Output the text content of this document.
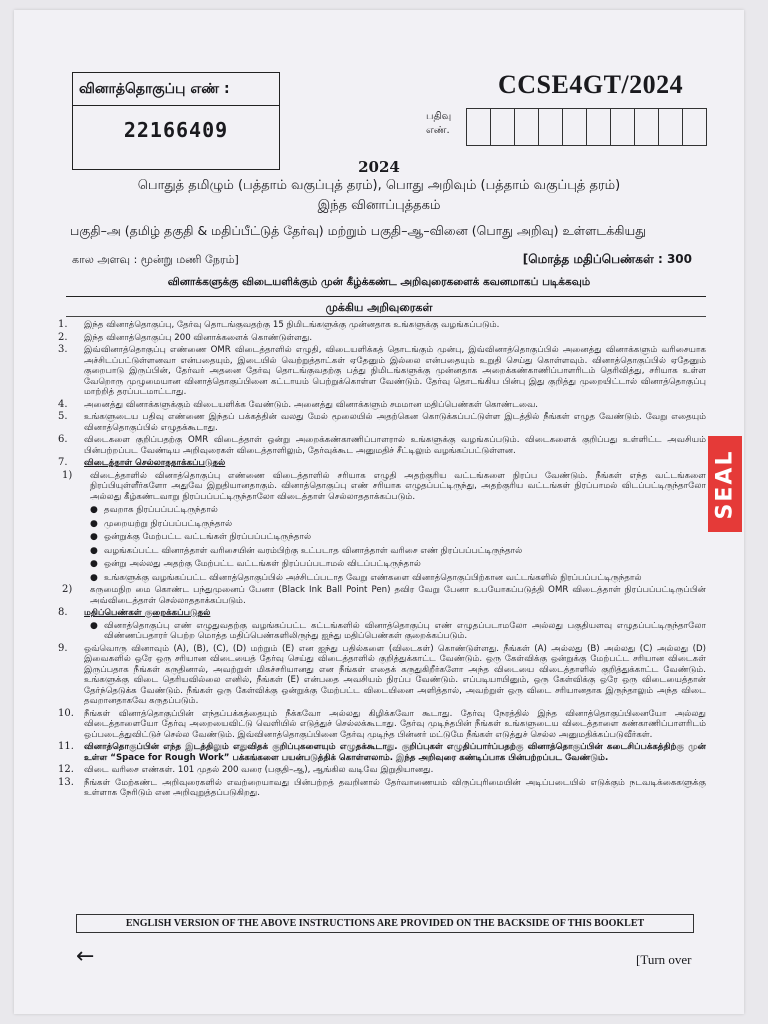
வினாத்தொகுப்பு எண் :
22166409
CCSE4GT/2024
பதிவு
எண்.
2024
பொதுத் தமிழும் (பத்தாம் வகுப்புத் தரம்), பொது அறிவும் (பத்தாம் வகுப்புத் தரம்)
இந்த வினாப்புத்தகம்
பகுதி–அ (தமிழ் தகுதி & மதிப்பீட்டுத் தேர்வு) மற்றும் பகுதி–ஆ–வினை (பொது அறிவு) உள்ளடக்கியது
கால அளவு : மூன்று மணி நேரம்]	[மொத்த மதிப்பெண்கள் : 300
வினாக்களுக்கு விடையளிக்கும் முன் கீழ்க்கண்ட அறிவுரைகளைக் கவனமாகப் படிக்கவும்
முக்கிய அறிவுரைகள்
1.	இந்த வினாத்தொகுப்பு, தேர்வு தொடங்குவதற்கு 15 நிமிடங்களுக்கு முன்னதாக உங்களுக்கு வழங்கப்படும்.
2.	இந்த வினாத்தொகுப்பு 200 வினாக்களைக் கொண்டுள்ளது.
3.	இவ்வினாத்தொகுப்பு எண்ணை OMR விடைத்தாளில் எழுதி, விடையளிக்கத் தொடங்கும் முன்பு, இவ்வினாத்தொகுப்பில் அனைத்து வினாக்களும் வரிசையாக அச்சிடப்பட்டுள்ளனவா என்பதையும், இடையில் வெற்றுத்தாட்கள் ஏதேனும் இல்லை என்பதையும் உறுதி செய்து கொள்ளவும். வினாத்தொகுப்பில் ஏதேனும் குறைபாடு இருப்பின், தேர்வர் அதனை தேர்வு தொடங்குவதற்கு பத்து நிமிடங்களுக்கு முன்னதாக அறைக்கண்காணிப்பாளரிடம் தெரிவித்து, சரியாக உள்ள வேறொரு முழுமையான வினாத்தொகுப்பினை கட்டாயம் பெற்றுக்கொள்ள வேண்டும். தேர்வு தொடங்கிய பின்பு இது குறித்து முறையிட்டால் வினாத்தொகுப்பு மாற்றித் தரப்படமாட்டாது.
4.	அனைத்து வினாக்களுக்கும் விடையளிக்க வேண்டும். அனைத்து வினாக்களும் சமமான மதிப்பெண்கள் கொண்டவை.
5.	உங்களுடைய பதிவு எண்ணை இந்தப் பக்கத்தின் வலது மேல் மூலையில் அதற்கென கொடுக்கப்பட்டுள்ள இடத்தில் நீங்கள் எழுத வேண்டும். வேறு எதையும் வினாத்தொகுப்பில் எழுதக்கூடாது.
6.	விடைகளை குறிப்பதற்கு OMR விடைத்தாள் ஒன்று அறைக்கண்காணிப்பாளரால் உங்களுக்கு வழங்கப்படும். விடைகளைக் குறிப்பது உள்ளிட்ட அவசியம் பின்பற்றப்பட வேண்டிய அறிவுரைகள் விடைத்தாளிலும், தேர்வுக்கூட அனுமதிச் சீட்டிலும் வழங்கப்பட்டுள்ளன.
7.	விடைத்தாள் செல்லாததாக்கப்படுதல்
1)	விடைத்தாளில் வினாத்தொகுப்பு எண்ணை விடைத்தாளில் சரியாக எழுதி அதற்குரிய வட்டங்களை நிரப்ப வேண்டும். நீங்கள் எந்த வட்டங்களை நிரப்பியுள்ளீர்களோ அதுவே இறுதியானதாகும். வினாத்தொகுப்பு எண் சரியாக எழுதப்பட்டிருந்து, அதற்குரிய வட்டங்கள் நிரப்பாமல் விடப்பட்டிருந்தாலோ அல்லது கீழ்கண்டவாறு நிரப்பப்பட்டிருந்தாலோ விடைத்தாள் செல்லாததாக்கப்படும்.
● தவறாக நிரப்பப்பட்டிருந்தால்
● முறையற்று நிரப்பப்பட்டிருந்தால்
● ஒன்றுக்கு மேற்பட்ட வட்டங்கள் நிரப்பப்பட்டிருந்தால்
● வழங்கப்பட்ட வினாத்தாள் வரிசையின் வரம்பிற்கு உட்படாத வினாத்தாள் வரிசை எண் நிரப்பப்பட்டிருந்தால்
● ஒன்று அல்லது அதற்கு மேற்பட்ட வட்டங்கள் நிரப்பப்படாமல் விடப்பட்டிருந்தால்
● உங்களுக்கு வழங்கப்பட்ட வினாத்தொகுப்பில் அச்சிடப்படாத வேறு எண்களை வினாத்தொகுப்பிற்கான வட்டங்களில் நிரப்பப்பட்டிருந்தால்
2)	கருமைநிற மை கொண்ட பந்துமுனைப் பேனா (Black Ink Ball Point Pen) தவிர வேறு பேனா உபயோகப்படுத்தி OMR விடைத்தாள் நிரப்பப்பட்டிருப்பின் அவ்விடைத்தாள் செல்லாததாக்கப்படும்.
8.	மதிப்பெண்கள் குறைக்கப்படுதல்
● வினாத்தொகுப்பு எண் எழுதுவதற்கு வழங்கப்பட்ட கட்டங்களில் வினாத்தொகுப்பு எண் எழுதப்படாமலோ அல்லது பகுதியளவு எழுதப்பட்டிருந்தாலோ விண்ணப்பதாரர் பெற்ற மொத்த மதிப்பெண்களிலிருந்து ஐந்து மதிப்பெண்கள் குறைக்கப்படும்.
9.	ஒவ்வொரு வினாவும் (A), (B), (C), (D) மற்றும் (E) என ஐந்து பதில்களை (விடைகள்) கொண்டுள்ளது. நீங்கள் (A) அல்லது (B) அல்லது (C) அல்லது (D) இவைகளில் ஒரே ஒரு சரியான விடையைத் தேர்வு செய்து விடைத்தாளில் குறித்துக்காட்ட வேண்டும். ஒரு கேள்விக்கு ஒன்றுக்கு மேற்பட்ட சரியான விடைகள் இருப்பதாக நீங்கள் கருதினால், அவற்றுள் மிகச்சரியானது என நீங்கள் எதைக் கருதுகிறீர்களோ அந்த விடையை விடைத்தாளில் குறித்துக்காட்ட வேண்டும். உங்களுக்கு விடை தெரியவில்லை எனில், நீங்கள் (E) என்பதை அவசியம் நிரப்ப வேண்டும். எப்படியாயினும், ஒரு கேள்விக்கு ஒரே ஒரு விடையைத்தான் தேர்ந்தெடுக்க வேண்டும். நீங்கள் ஒரு கேள்விக்கு ஒன்றுக்கு மேற்பட்ட விடையினை அளித்தால், அவற்றுள் ஒரு விடை சரியானதாக இருந்தாலும் அந்த விடை தவறானதாகவே கருதப்படும்.
10.	நீங்கள் வினாத்தொகுப்பின் எந்தப்பக்கத்தையும் நீக்கவோ அல்லது கிழிக்கவோ கூடாது. தேர்வு நேரத்தில் இந்த வினாத்தொகுப்பினையோ அல்லது விடைத்தாளையோ தேர்வு அறையைவிட்டு வெளியில் எடுத்துச் செல்லக்கூடாது. தேர்வு முடிந்தபின் நீங்கள் உங்களுடைய விடைத்தாளை கண்காணிப்பாளரிடம் ஒப்படைத்துவிட்டுச் செல்ல வேண்டும். இவ்வினாத்தொகுப்பினை தேர்வு முடிந்த பின்னர் மட்டுமே நீங்கள் எடுத்துச் செல்ல அனுமதிக்கப்படுவீர்கள்.
11.	வினாத்தொகுப்பின் எந்த இடத்திலும் எதுவிதக் குறிப்புகளையும் எழுதக்கூடாது. குறிப்புகள் எழுதிப்பார்ப்பதற்கு வினாத்தொகுப்பின் கடைசிப்பக்கத்திற்கு முன் உள்ள “Space for Rough Work” பக்கங்களை பயன்படுத்திக் கொள்ளலாம். இந்த அறிவுரை கண்டிப்பாக பின்பற்றப்பட வேண்டும்.
12.	விடை வரிசை எண்கள். 101 முதல் 200 வரை (பகுதி–ஆ), ஆங்கில வடிவே இறுதியானது.
13.	நீங்கள் மேற்கண்ட அறிவுரைகளில் எவற்றையாவது பின்பற்றத் தவறினால் தேர்வாணையம் விருப்புரிமையின் அடிப்படையில் எடுக்கும் நடவடிக்கைகளுக்கு உள்ளாக நேரிடும் என அறிவுறுத்தப்படுகிறது.
ENGLISH VERSION OF THE ABOVE INSTRUCTIONS ARE PROVIDED ON THE BACKSIDE OF THIS BOOKLET
←	[Turn over
SEAL
